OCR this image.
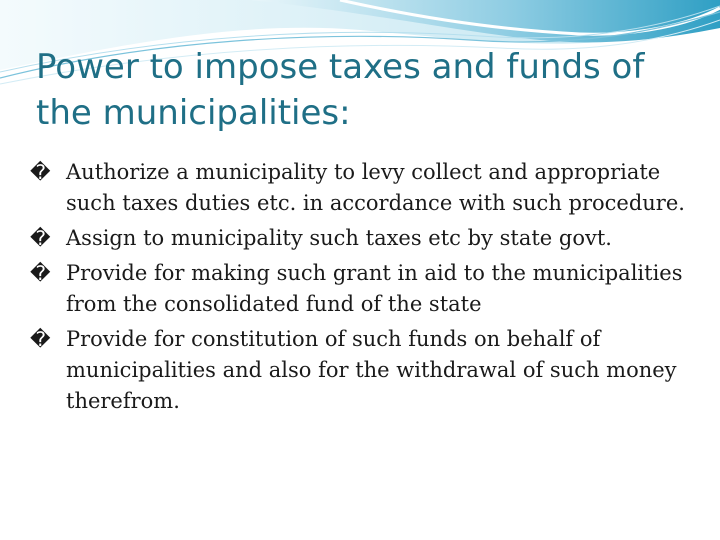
Power to impose taxes and funds of the municipalities:
� Authorize a municipality to levy collect and appropriate such taxes duties etc. in accordance with such procedure.
� Assign to municipality such taxes etc by state govt.
� Provide for making such grant in aid to the municipalities from the consolidated fund of the state
� Provide for constitution of such funds on behalf of municipalities and also for the withdrawal of such money therefrom.
